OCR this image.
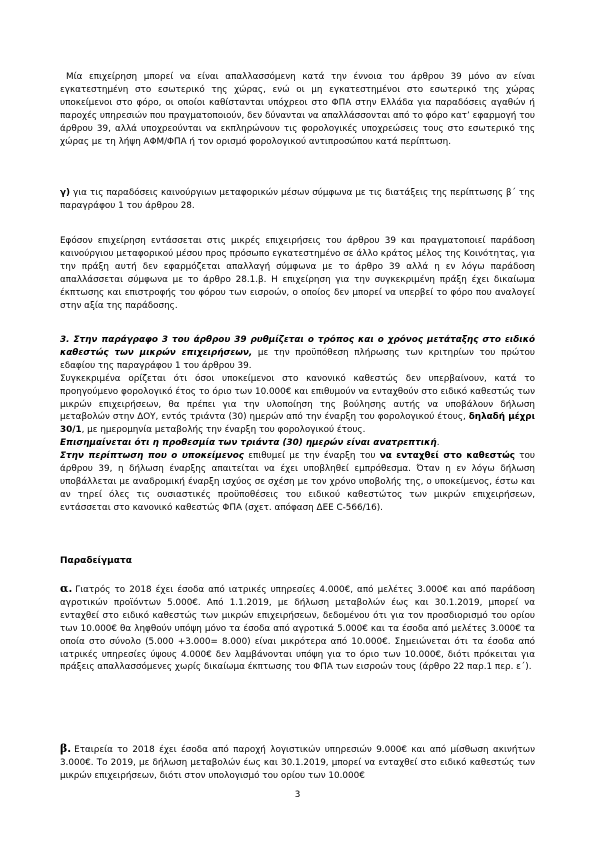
Μία επιχείρηση μπορεί να είναι απαλλασσόμενη κατά την έννοια του άρθρου 39 μόνο αν είναι εγκατεστημένη στο εσωτερικό της χώρας, ενώ οι μη εγκατεστημένοι στο εσωτερικό της χώρας υποκείμενοι στο φόρο, οι οποίοι καθίστανται υπόχρεοι στο ΦΠΑ στην Ελλάδα για παραδόσεις αγαθών ή παροχές υπηρεσιών που πραγματοποιούν, δεν δύνανται να απαλλάσσονται από το φόρο κατ’ εφαρμογή του άρθρου 39, αλλά υποχρεούνται να εκπληρώνουν τις φορολογικές υποχρεώσεις τους στο εσωτερικό της χώρας με τη λήψη ΑΦΜ/ΦΠΑ ή τον ορισμό φορολογικού αντιπροσώπου κατά περίπτωση.

γ) για τις παραδόσεις καινούργιων μεταφορικών μέσων σύμφωνα με τις διατάξεις της περίπτωσης β΄ της παραγράφου 1 του άρθρου 28.

Εφόσον επιχείρηση εντάσσεται στις μικρές επιχειρήσεις του άρθρου 39 και πραγματοποιεί παράδοση καινούργιου μεταφορικού μέσου προς πρόσωπο εγκατεστημένο σε άλλο κράτος μέλος της Κοινότητας, για την πράξη αυτή δεν εφαρμόζεται απαλλαγή σύμφωνα με το άρθρο 39 αλλά η εν λόγω παράδοση απαλλάσσεται σύμφωνα με το άρθρο 28.1.β. Η επιχείρηση για την συγκεκριμένη πράξη έχει δικαίωμα έκπτωσης και επιστροφής του φόρου των εισροών, ο οποίος δεν μπορεί να υπερβεί το φόρο που αναλογεί στην αξία της παράδοσης.

3. Στην παράγραφο 3 του άρθρου 39 ρυθμίζεται ο τρόπος και ο χρόνος μετάταξης στο ειδικό καθεστώς των μικρών επιχειρήσεων, με την προϋπόθεση πλήρωσης των κριτηρίων του πρώτου εδαφίου της παραγράφου 1 του άρθρου 39.
Συγκεκριμένα ορίζεται ότι όσοι υποκείμενοι στο κανονικό καθεστώς δεν υπερβαίνουν, κατά το προηγούμενο φορολογικό έτος το όριο των 10.000€ και επιθυμούν να ενταχθούν στο ειδικό καθεστώς των μικρών επιχειρήσεων, θα πρέπει για την υλοποίηση της βούλησης αυτής να υποβάλουν δήλωση μεταβολών στην ΔΟΥ, εντός τριάντα (30) ημερών από την έναρξη του φορολογικού έτους, δηλαδή μέχρι 30/1, με ημερομηνία μεταβολής την έναρξη του φορολογικού έτους.
Επισημαίνεται ότι η προθεσμία των τριάντα (30) ημερών είναι ανατρεπτική.
Στην περίπτωση που ο υποκείμενος επιθυμεί με την έναρξη του να ενταχθεί στο καθεστώς του άρθρου 39, η δήλωση έναρξης απαιτείται να έχει υποβληθεί εμπρόθεσμα. Όταν η εν λόγω δήλωση υποβάλλεται με αναδρομική έναρξη ισχύος σε σχέση με τον χρόνο υποβολής της, ο υποκείμενος, έστω και αν τηρεί όλες τις ουσιαστικές προϋποθέσεις του ειδικού καθεστώτος των μικρών επιχειρήσεων, εντάσσεται στο κανονικό καθεστώς ΦΠΑ (σχετ. απόφαση ΔΕΕ C-566/16).

Παραδείγματα

α. Γιατρός το 2018 έχει έσοδα από ιατρικές υπηρεσίες 4.000€, από μελέτες 3.000€ και από παράδοση αγροτικών προϊόντων 5.000€. Από 1.1.2019, με δήλωση μεταβολών έως και 30.1.2019, μπορεί να ενταχθεί στο ειδικό καθεστώς των μικρών επιχειρήσεων, δεδομένου ότι για τον προσδιορισμό του ορίου των 10.000€ θα ληφθούν υπόψη μόνο τα έσοδα από αγροτικά 5.000€ και τα έσοδα από μελέτες 3.000€ τα οποία στο σύνολο (5.000 +3.000= 8.000) είναι μικρότερα από 10.000€. Σημειώνεται ότι τα έσοδα από ιατρικές υπηρεσίες ύψους 4.000€ δεν λαμβάνονται υπόψη για το όριο των 10.000€, διότι πρόκειται για πράξεις απαλλασσόμενες χωρίς δικαίωμα έκπτωσης του ΦΠΑ των εισροών τους (άρθρο 22 παρ.1 περ. ε΄).

β. Εταιρεία το 2018 έχει έσοδα από παροχή λογιστικών υπηρεσιών 9.000€ και από μίσθωση ακινήτων 3.000€. Το 2019, με δήλωση μεταβολών έως και 30.1.2019, μπορεί να ενταχθεί στο ειδικό καθεστώς των μικρών επιχειρήσεων, διότι στον υπολογισμό του ορίου των 10.000€

3
